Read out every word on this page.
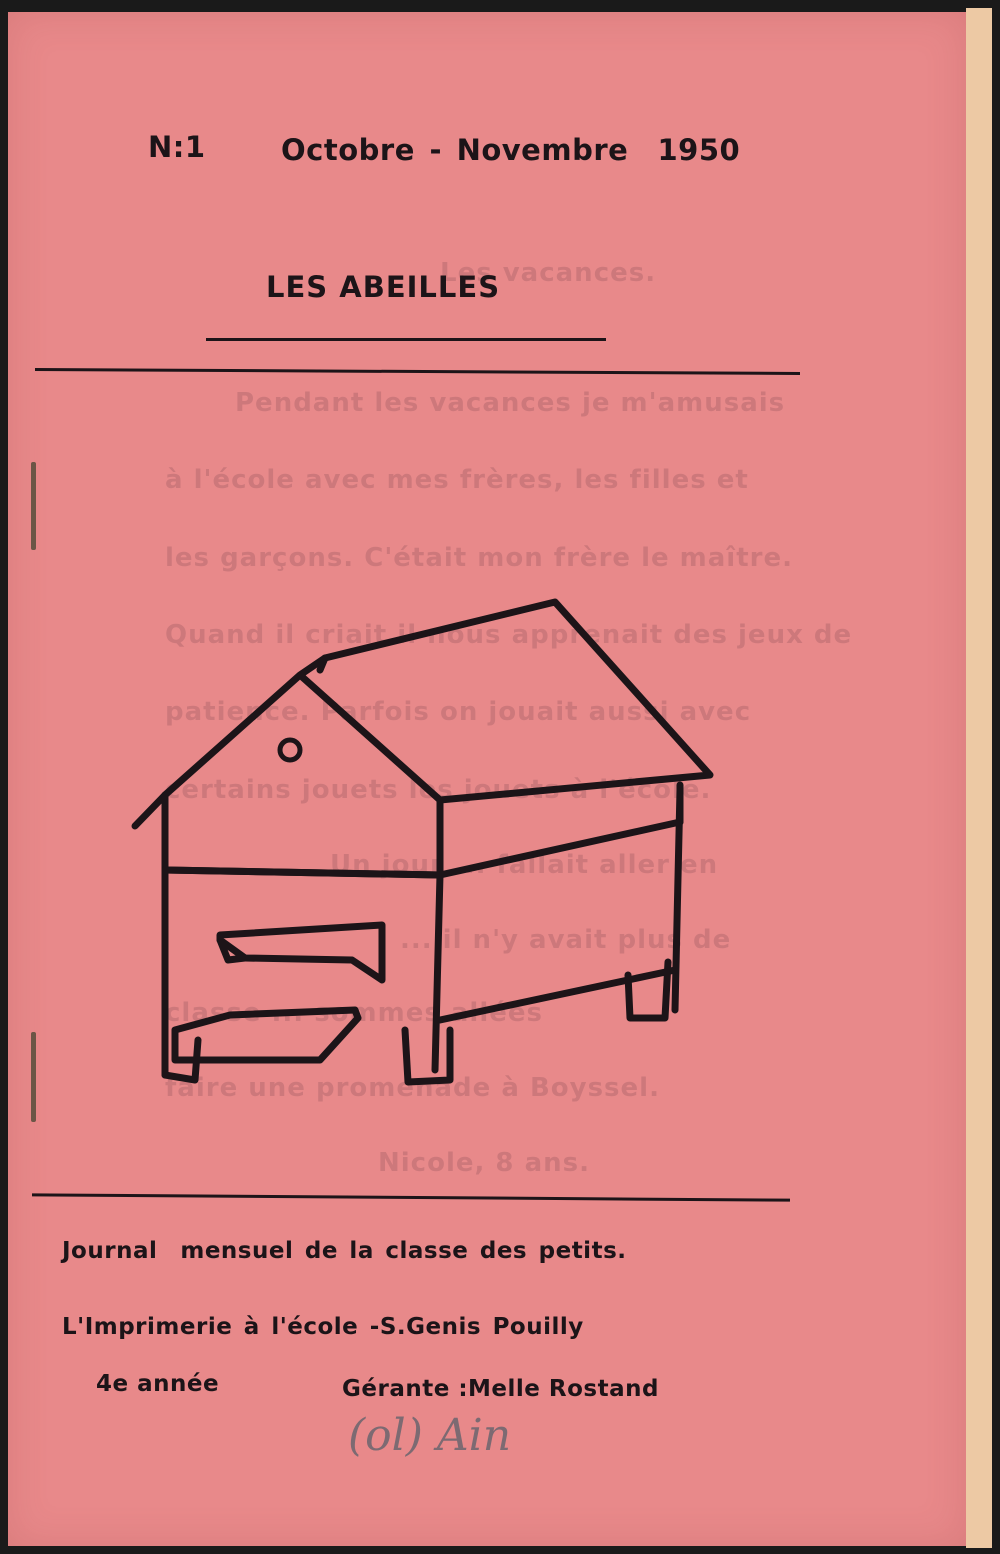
Les vacances.
Pendant les vacances je m'amusais
à l'école avec mes frères, les filles et
les garçons. C'était mon frère le maître.
Quand il criait il nous apprenait des jeux de
patience. Parfois on jouait aussi avec
certains jouets les jouets à l'école.
Un jour ... fallait aller en
... il n'y avait plus de
classe ... sommes allées
faire une promenade à Boyssel.
Nicole, 8 ans.
N:1	Octobre - Novembre  1950
LES ABEILLES
Journal  mensuel de la classe des petits.
L'Imprimerie à l'école -S.Genis Pouilly
4e année	Gérante :Melle Rostand
(ol) Ain
